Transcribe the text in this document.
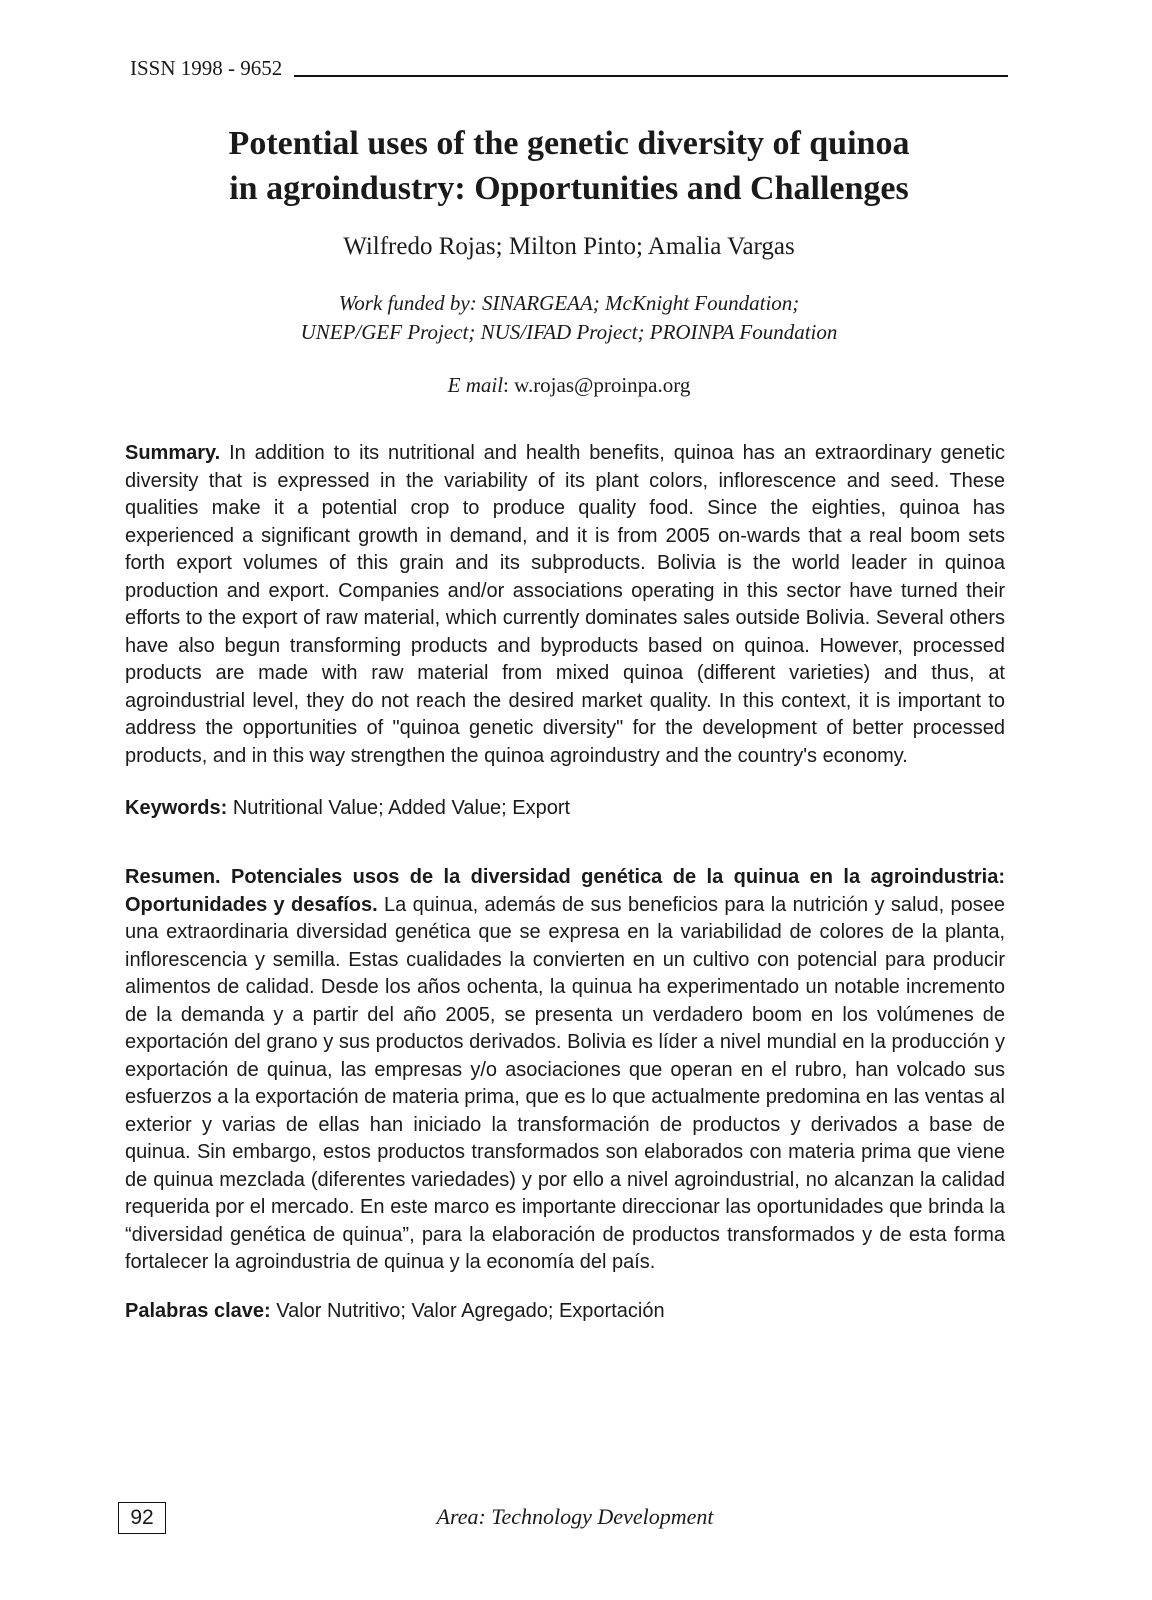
ISSN 1998 - 9652
Potential uses of the genetic diversity of quinoa
in agroindustry: Opportunities and Challenges
Wilfredo Rojas; Milton Pinto; Amalia Vargas
Work funded by: SINARGEAA; McKnight Foundation;
UNEP/GEF Project; NUS/IFAD Project; PROINPA Foundation
E mail: w.rojas@proinpa.org

Summary. In addition to its nutritional and health benefits, quinoa has an extraordinary genetic diversity that is expressed in the variability of its plant colors, inflorescence and seed. These qualities make it a potential crop to produce quality food. Since the eighties, quinoa has experienced a significant growth in demand, and it is from 2005 on-wards that a real boom sets forth export volumes of this grain and its subproducts. Bolivia is the world leader in quinoa production and export. Companies and/or associations operating in this sector have turned their efforts to the export of raw material, which currently dominates sales outside Bolivia. Several others have also begun transforming products and byproducts based on quinoa. However, processed products are made with raw material from mixed quinoa (different varieties) and thus, at agroindustrial level, they do not reach the desired market quality. In this context, it is important to address the opportunities of "quinoa genetic diversity" for the development of better processed products, and in this way strengthen the quinoa agroindustry and the country's economy.

Keywords: Nutritional Value; Added Value; Export

Resumen. Potenciales usos de la diversidad genética de la quinua en la agroindustria: Oportunidades y desafíos. La quinua, además de sus beneficios para la nutrición y salud, posee una extraordinaria diversidad genética que se expresa en la variabilidad de colores de la planta, inflorescencia y semilla. Estas cualidades la convierten en un cultivo con potencial para producir alimentos de calidad. Desde los años ochenta, la quinua ha experimentado un notable incremento de la demanda y a partir del año 2005, se presenta un verdadero boom en los volúmenes de exportación del grano y sus productos derivados. Bolivia es líder a nivel mundial en la producción y exportación de quinua, las empresas y/o asociaciones que operan en el rubro, han volcado sus esfuerzos a la exportación de materia prima, que es lo que actualmente predomina en las ventas al exterior y varias de ellas han iniciado la transformación de productos y derivados a base de quinua. Sin embargo, estos productos transformados son elaborados con materia prima que viene de quinua mezclada (diferentes variedades) y por ello a nivel agroindustrial, no alcanzan la calidad requerida por el mercado. En este marco es importante direccionar las oportunidades que brinda la “diversidad genética de quinua”, para la elaboración de productos transformados y de esta forma fortalecer la agroindustria de quinua y la economía del país.

Palabras clave: Valor Nutritivo; Valor Agregado; Exportación

92	Area: Technology Development
